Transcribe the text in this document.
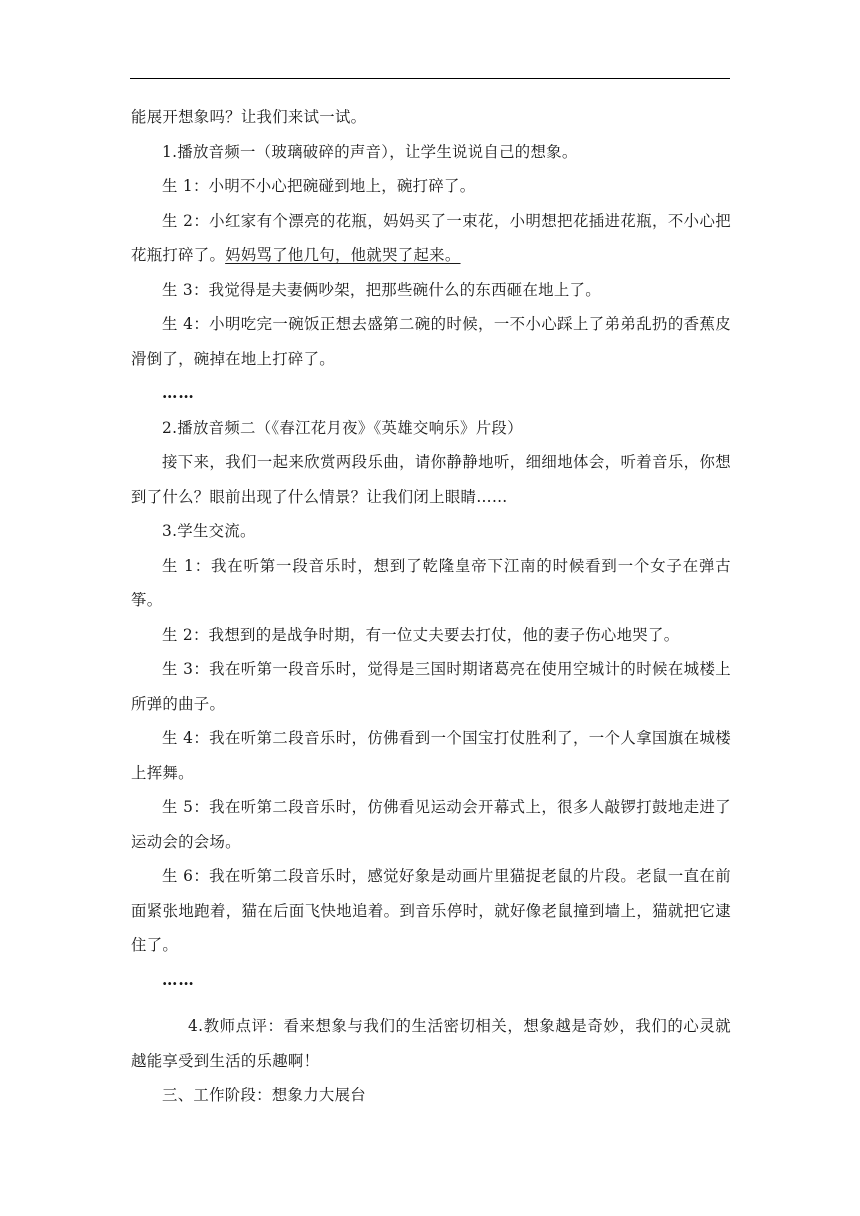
能展开想象吗？让我们来试一试。

1.播放音频一（玻璃破碎的声音），让学生说说自己的想象。

生 1：小明不小心把碗碰到地上，碗打碎了。

生 2：小红家有个漂亮的花瓶，妈妈买了一束花，小明想把花插进花瓶，不小心把花瓶打碎了。妈妈骂了他几句，他就哭了起来。

生 3：我觉得是夫妻俩吵架，把那些碗什么的东西砸在地上了。

生 4：小明吃完一碗饭正想去盛第二碗的时候，一不小心踩上了弟弟乱扔的香蕉皮滑倒了，碗掉在地上打碎了。

……

2.播放音频二（《春江花月夜》《英雄交响乐》片段）

接下来，我们一起来欣赏两段乐曲，请你静静地听，细细地体会，听着音乐，你想到了什么？眼前出现了什么情景？让我们闭上眼睛……

3.学生交流。

生 1：我在听第一段音乐时，想到了乾隆皇帝下江南的时候看到一个女子在弹古筝。

生 2：我想到的是战争时期，有一位丈夫要去打仗，他的妻子伤心地哭了。

生 3：我在听第一段音乐时，觉得是三国时期诸葛亮在使用空城计的时候在城楼上所弹的曲子。

生 4：我在听第二段音乐时，仿佛看到一个国宝打仗胜利了，一个人拿国旗在城楼上挥舞。

生 5：我在听第二段音乐时，仿佛看见运动会开幕式上，很多人敲锣打鼓地走进了运动会的会场。

生 6：我在听第二段音乐时，感觉好象是动画片里猫捉老鼠的片段。老鼠一直在前面紧张地跑着，猫在后面飞快地追着。到音乐停时，就好像老鼠撞到墙上，猫就把它逮住了。

……

4.教师点评：看来想象与我们的生活密切相关，想象越是奇妙，我们的心灵就越能享受到生活的乐趣啊！

三、工作阶段：想象力大展台
